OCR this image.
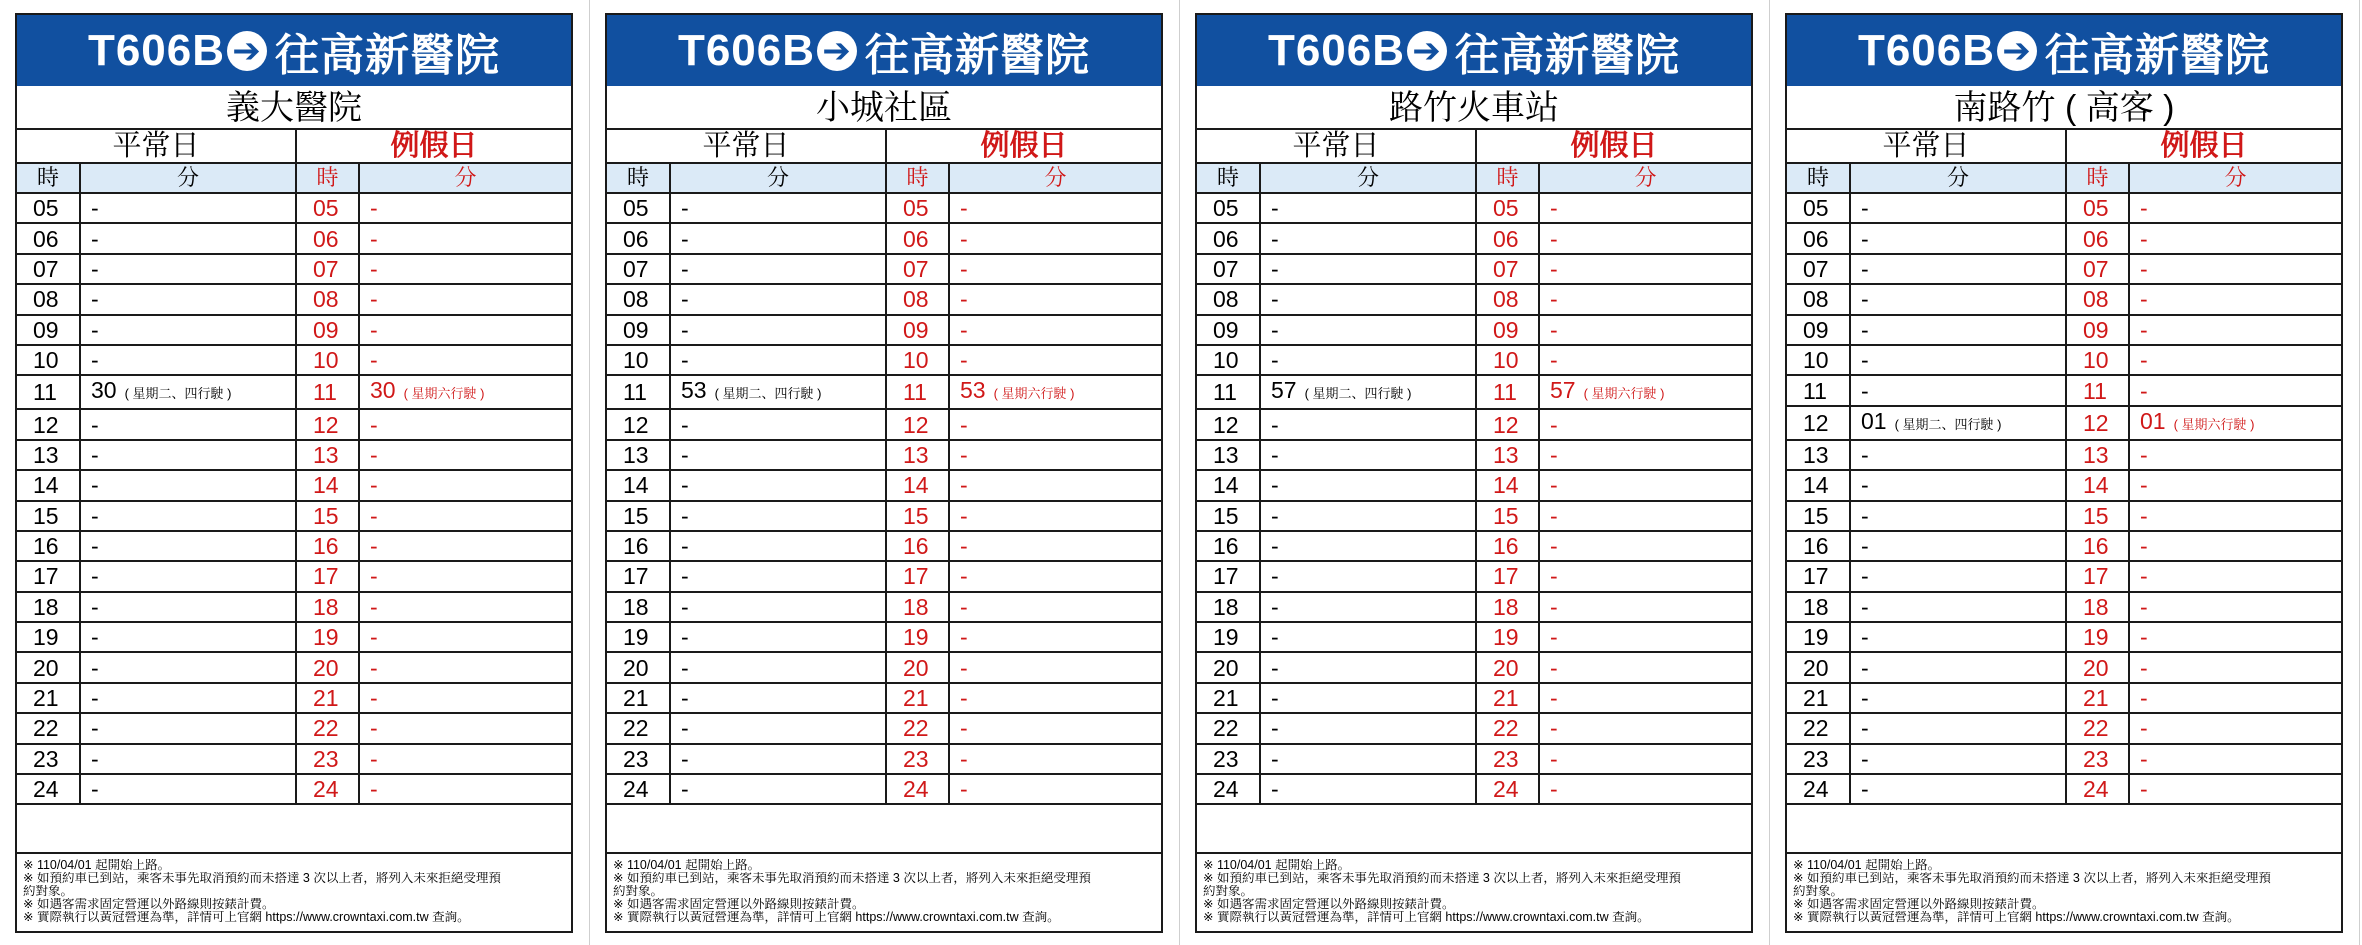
T606B ➔ 往高新醫院
義大醫院
平常日		例假日	
時	分	時	分
05	-	05	-
06	-	06	-
07	-	07	-
08	-	08	-
09	-	09	-
10	-	10	-
11	30 ( 星期二、四行駛 )	11	30 ( 星期六行駛 )
12	-	12	-
13	-	13	-
14	-	14	-
15	-	15	-
16	-	16	-
17	-	17	-
18	-	18	-
19	-	19	-
20	-	20	-
21	-	21	-
22	-	22	-
23	-	23	-
24	-	24	-
※ 110/04/01 起開始上路。
※ 如預約車已到站，乘客未事先取消預約而未搭達 3 次以上者，將列入未來拒絕受理預
約對象。
※ 如遇客需求固定營運以外路線則按錶計費。
※ 實際執行以黃冠營運為準，詳情可上官網 https://www.crowntaxi.com.tw 查詢。
T606B ➔ 往高新醫院
小城社區
平常日		例假日	
時	分	時	分
05	-	05	-
06	-	06	-
07	-	07	-
08	-	08	-
09	-	09	-
10	-	10	-
11	53 ( 星期二、四行駛 )	11	53 ( 星期六行駛 )
12	-	12	-
13	-	13	-
14	-	14	-
15	-	15	-
16	-	16	-
17	-	17	-
18	-	18	-
19	-	19	-
20	-	20	-
21	-	21	-
22	-	22	-
23	-	23	-
24	-	24	-
※ 110/04/01 起開始上路。
※ 如預約車已到站，乘客未事先取消預約而未搭達 3 次以上者，將列入未來拒絕受理預
約對象。
※ 如遇客需求固定營運以外路線則按錶計費。
※ 實際執行以黃冠營運為準，詳情可上官網 https://www.crowntaxi.com.tw 查詢。
T606B ➔ 往高新醫院
路竹火車站
平常日		例假日	
時	分	時	分
05	-	05	-
06	-	06	-
07	-	07	-
08	-	08	-
09	-	09	-
10	-	10	-
11	57 ( 星期二、四行駛 )	11	57 ( 星期六行駛 )
12	-	12	-
13	-	13	-
14	-	14	-
15	-	15	-
16	-	16	-
17	-	17	-
18	-	18	-
19	-	19	-
20	-	20	-
21	-	21	-
22	-	22	-
23	-	23	-
24	-	24	-
※ 110/04/01 起開始上路。
※ 如預約車已到站，乘客未事先取消預約而未搭達 3 次以上者，將列入未來拒絕受理預
約對象。
※ 如遇客需求固定營運以外路線則按錶計費。
※ 實際執行以黃冠營運為準，詳情可上官網 https://www.crowntaxi.com.tw 查詢。
T606B ➔ 往高新醫院
南路竹 ( 高客 )
平常日		例假日	
時	分	時	分
05	-	05	-
06	-	06	-
07	-	07	-
08	-	08	-
09	-	09	-
10	-	10	-
11	-	11	-
12	01 ( 星期二、四行駛 )	12	01 ( 星期六行駛 )
13	-	13	-
14	-	14	-
15	-	15	-
16	-	16	-
17	-	17	-
18	-	18	-
19	-	19	-
20	-	20	-
21	-	21	-
22	-	22	-
23	-	23	-
24	-	24	-
※ 110/04/01 起開始上路。
※ 如預約車已到站，乘客未事先取消預約而未搭達 3 次以上者，將列入未來拒絕受理預
約對象。
※ 如遇客需求固定營運以外路線則按錶計費。
※ 實際執行以黃冠營運為準，詳情可上官網 https://www.crowntaxi.com.tw 查詢。
